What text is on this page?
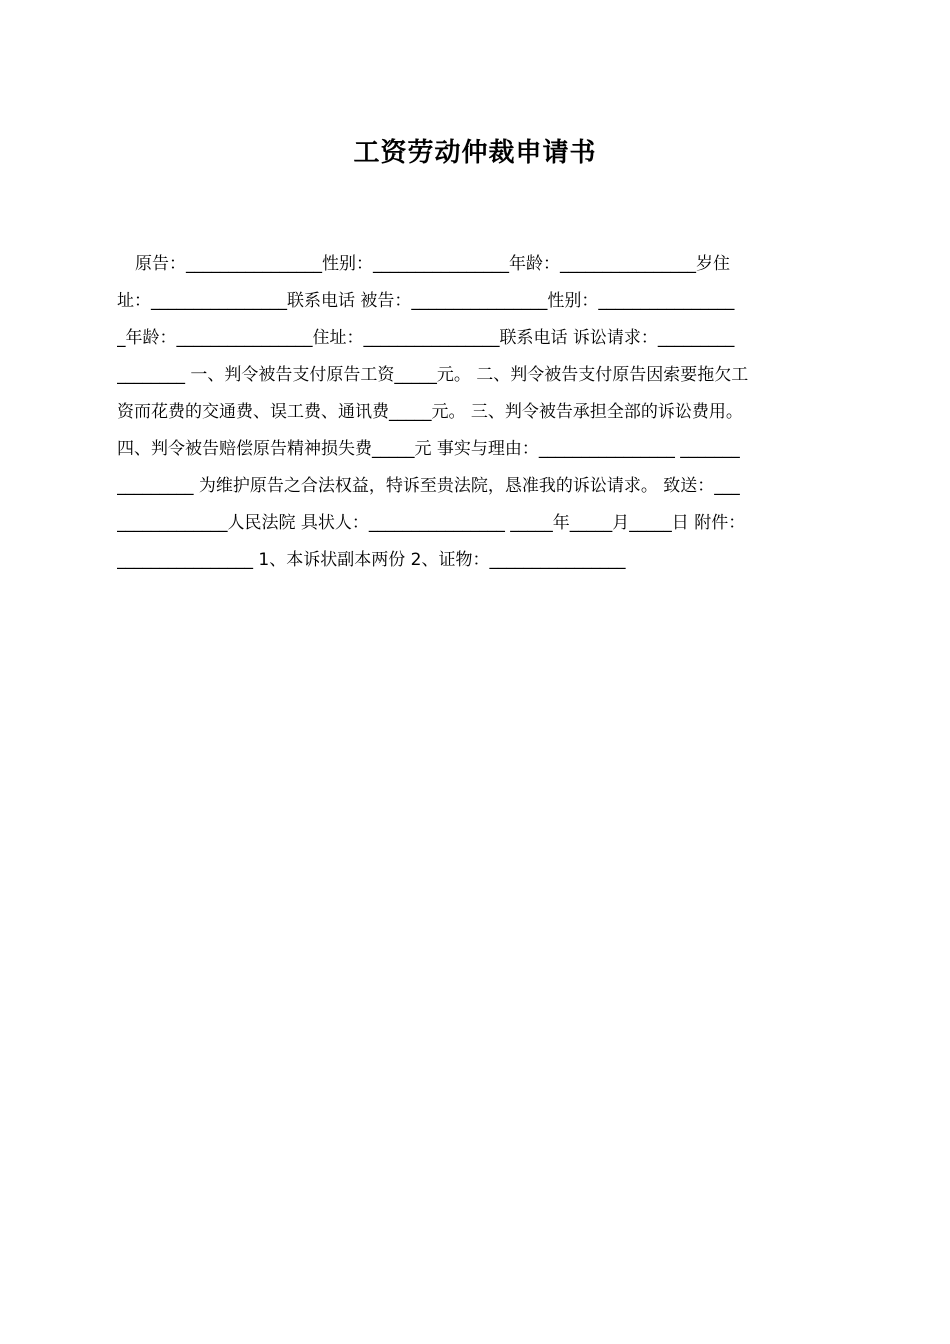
工资劳动仲裁申请书

原告：________________性别：________________年龄：________________岁住

址：________________联系电话 被告：________________性别：________________

_年龄：________________住址：________________联系电话 诉讼请求：_________

________ 一、判令被告支付原告工资_____元。 二、判令被告支付原告因索要拖欠工

资而花费的交通费、误工费、通讯费_____元。 三、判令被告承担全部的诉讼费用。

四、判令被告赔偿原告精神损失费_____元 事实与理由：________________ _______

_________ 为维护原告之合法权益，特诉至贵法院，恳准我的诉讼请求。 致送：___

_____________人民法院 具状人：________________ _____年_____月_____日 附件：

________________ 1、本诉状副本两份 2、证物：________________
